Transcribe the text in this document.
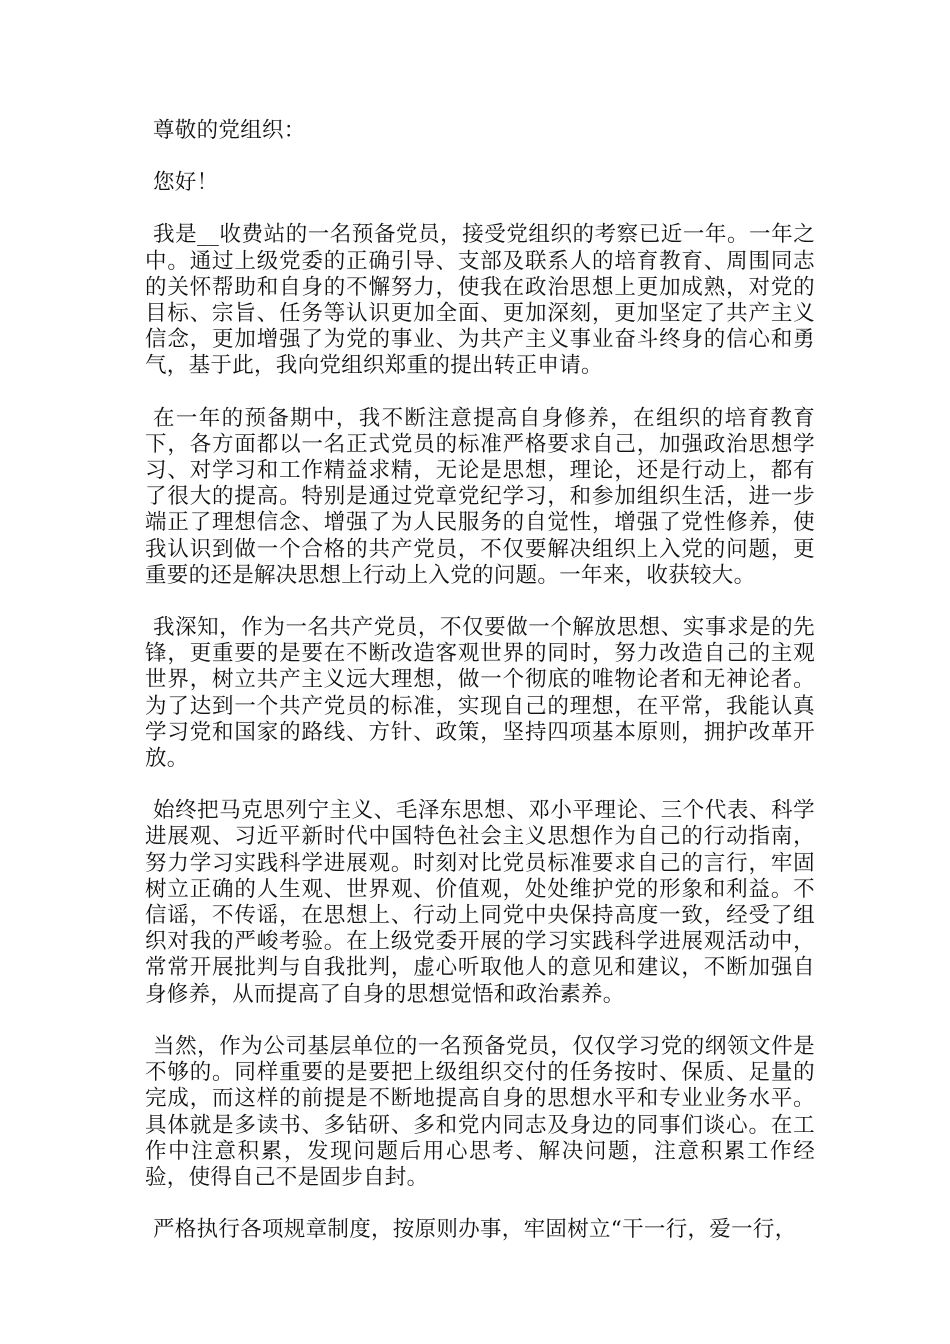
尊敬的党组织：

您好！

我是__收费站的一名预备党员，接受党组织的考察已近一年。一年之中。通过上级党委的正确引导、支部及联系人的培育教育、周围同志的关怀帮助和自身的不懈努力，使我在政治思想上更加成熟，对党的目标、宗旨、任务等认识更加全面、更加深刻，更加坚定了共产主义信念，更加增强了为党的事业、为共产主义事业奋斗终身的信心和勇气，基于此，我向党组织郑重的提出转正申请。

在一年的预备期中，我不断注意提高自身修养，在组织的培育教育下，各方面都以一名正式党员的标准严格要求自己，加强政治思想学习、对学习和工作精益求精，无论是思想，理论，还是行动上，都有了很大的提高。特别是通过党章党纪学习，和参加组织生活，进一步端正了理想信念、增强了为人民服务的自觉性，增强了党性修养，使我认识到做一个合格的共产党员，不仅要解决组织上入党的问题，更重要的还是解决思想上行动上入党的问题。一年来，收获较大。

我深知，作为一名共产党员，不仅要做一个解放思想、实事求是的先锋，更重要的是要在不断改造客观世界的同时，努力改造自己的主观世界，树立共产主义远大理想，做一个彻底的唯物论者和无神论者。为了达到一个共产党员的标准，实现自己的理想，在平常，我能认真学习党和国家的路线、方针、政策，坚持四项基本原则，拥护改革开放。

始终把马克思列宁主义、毛泽东思想、邓小平理论、三个代表、科学进展观、习近平新时代中国特色社会主义思想作为自己的行动指南，努力学习实践科学进展观。时刻对比党员标准要求自己的言行，牢固树立正确的人生观、世界观、价值观，处处维护党的形象和利益。不信谣，不传谣，在思想上、行动上同党中央保持高度一致，经受了组织对我的严峻考验。在上级党委开展的学习实践科学进展观活动中，常常开展批判与自我批判，虚心听取他人的意见和建议，不断加强自身修养，从而提高了自身的思想觉悟和政治素养。

当然，作为公司基层单位的一名预备党员，仅仅学习党的纲领文件是不够的。同样重要的是要把上级组织交付的任务按时、保质、足量的完成，而这样的前提是不断地提高自身的思想水平和专业业务水平。具体就是多读书、多钻研、多和党内同志及身边的同事们谈心。在工作中注意积累，发现问题后用心思考、解决问题，注意积累工作经验，使得自己不是固步自封。

严格执行各项规章制度，按原则办事，牢固树立“干一行，爱一行，
